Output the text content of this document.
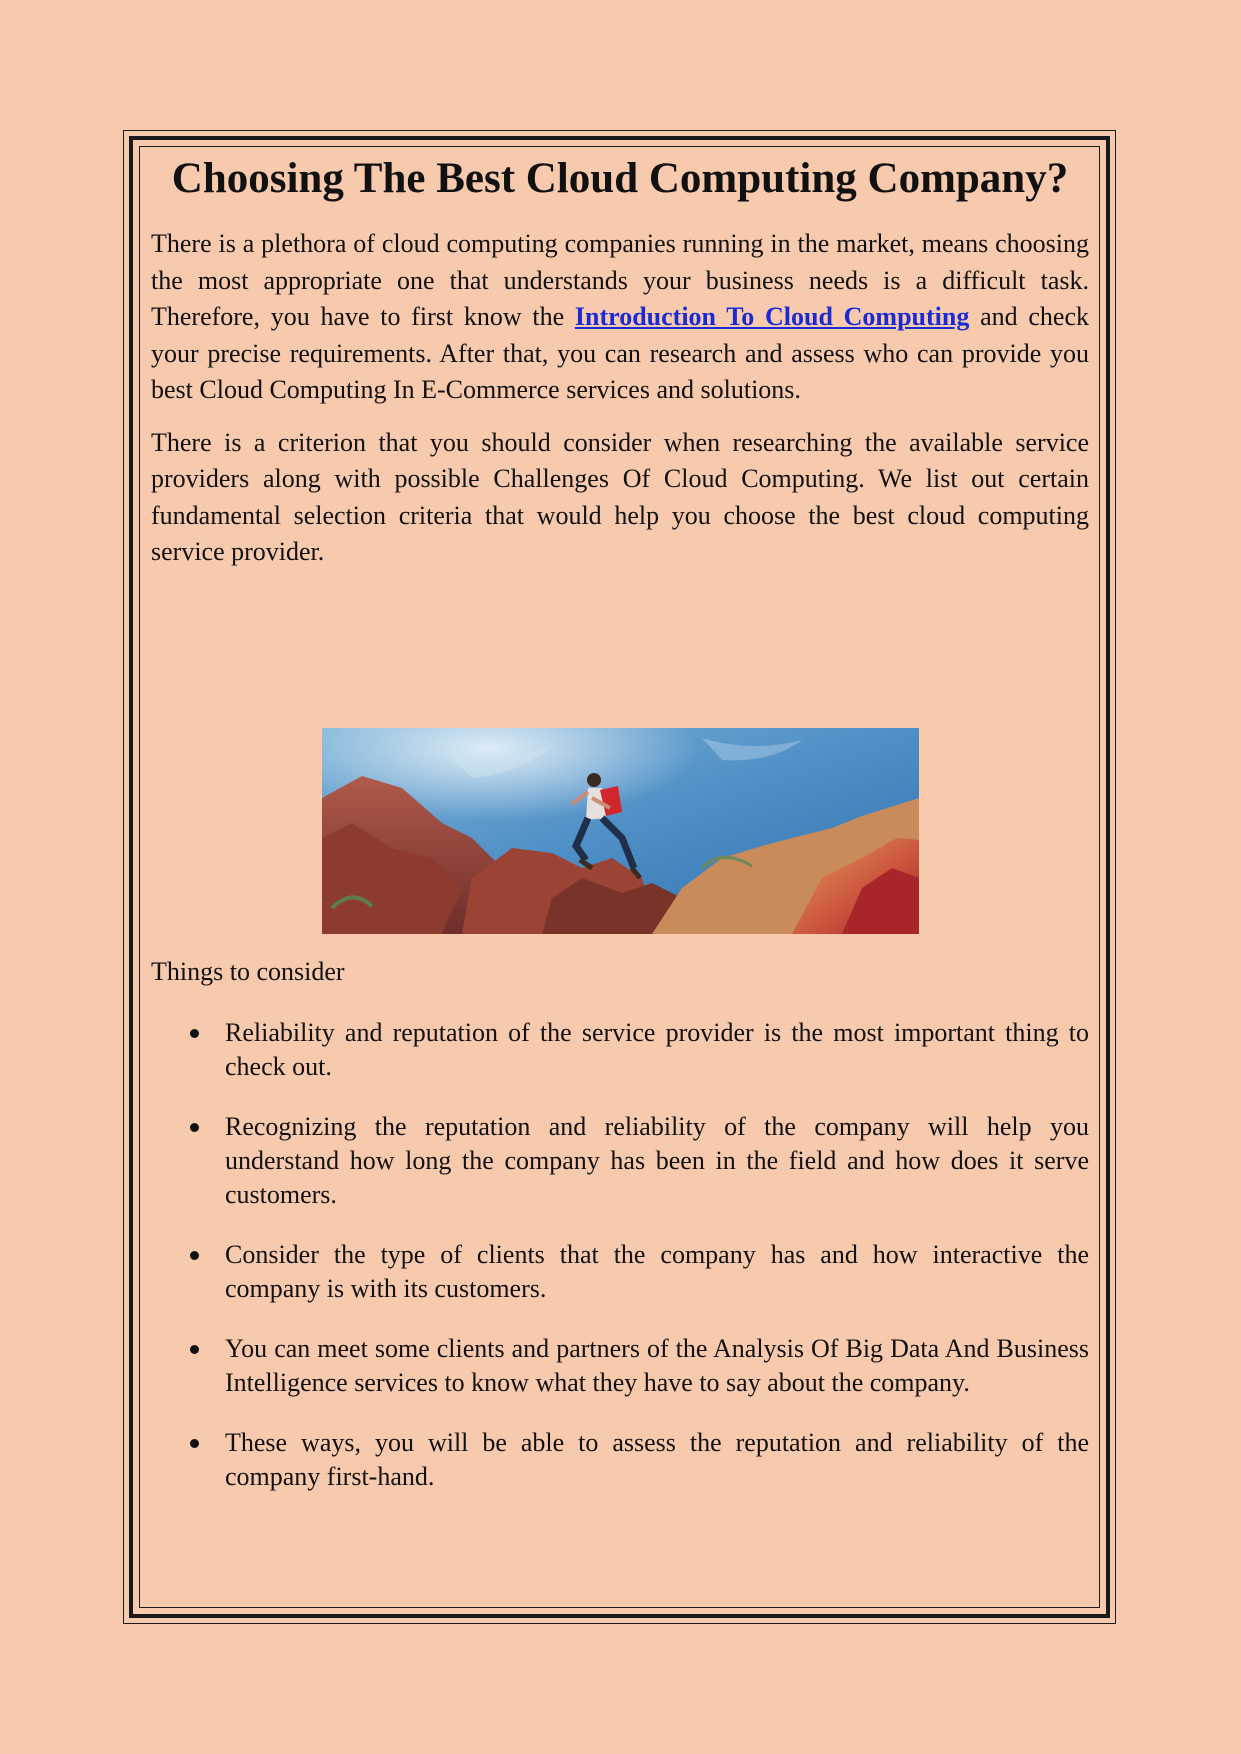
Choosing The Best Cloud Computing Company?

There is a plethora of cloud computing companies running in the market, means choosing the most appropriate one that understands your business needs is a difficult task. Therefore, you have to first know the Introduction To Cloud Computing and check your precise requirements. After that, you can research and assess who can provide you best Cloud Computing In E-Commerce services and solutions.

There is a criterion that you should consider when researching the available service providers along with possible Challenges Of Cloud Computing. We list out certain fundamental selection criteria that would help you choose the best cloud computing service provider.

Things to consider
Reliability and reputation of the service provider is the most important thing to check out.
Recognizing the reputation and reliability of the company will help you understand how long the company has been in the field and how does it serve customers.
Consider the type of clients that the company has and how interactive the company is with its customers.
You can meet some clients and partners of the Analysis Of Big Data And Business Intelligence services to know what they have to say about the company.
These ways, you will be able to assess the reputation and reliability of the company first-hand.
